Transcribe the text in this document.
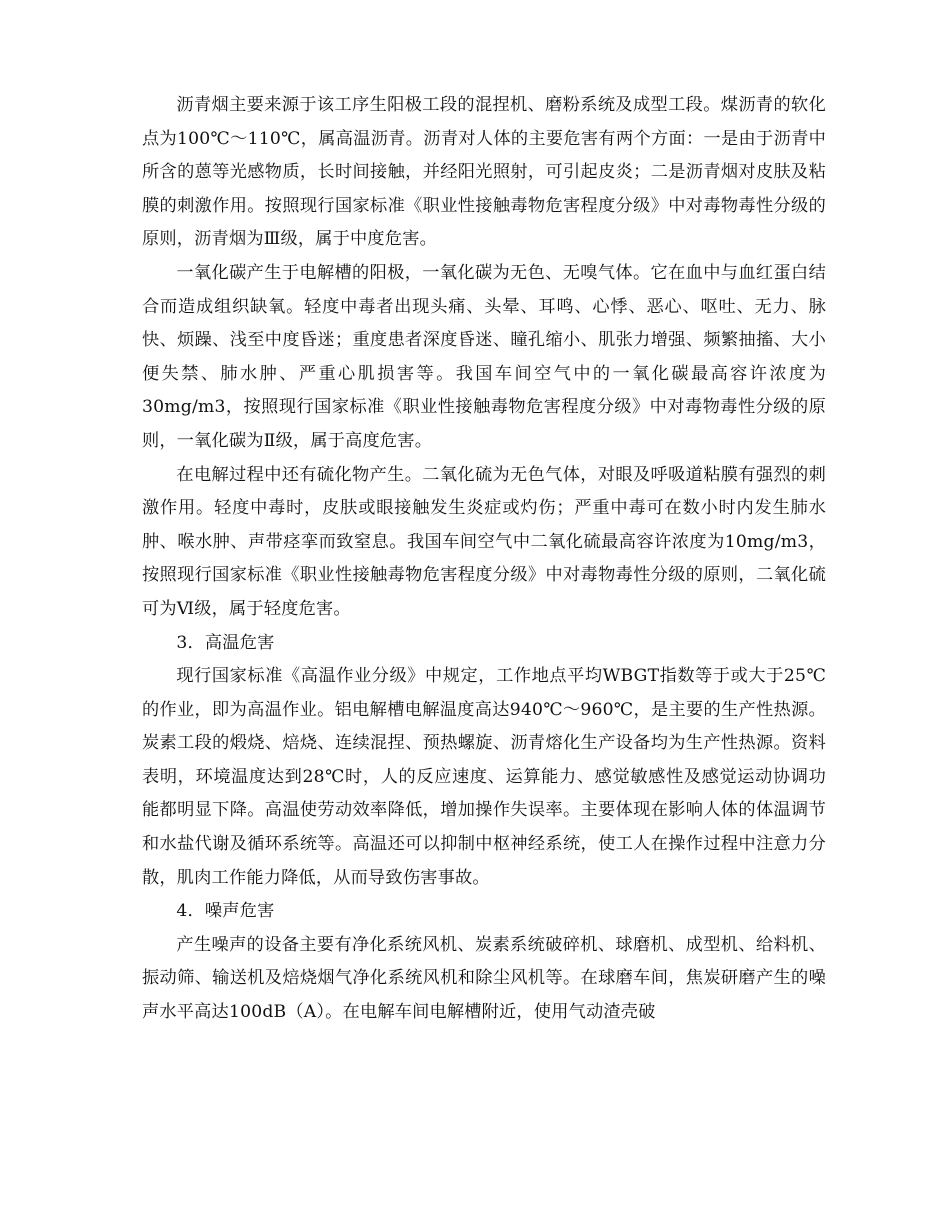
沥青烟主要来源于该工序生阳极工段的混捏机、磨粉系统及成型工段。煤沥青的软化点为100℃～110℃，属高温沥青。沥青对人体的主要危害有两个方面：一是由于沥青中所含的蒽等光感物质，长时间接触，并经阳光照射，可引起皮炎；二是沥青烟对皮肤及粘膜的刺激作用。按照现行国家标准《职业性接触毒物危害程度分级》中对毒物毒性分级的原则，沥青烟为Ⅲ级，属于中度危害。

一氧化碳产生于电解槽的阳极，一氧化碳为无色、无嗅气体。它在血中与血红蛋白结合而造成组织缺氧。轻度中毒者出现头痛、头晕、耳鸣、心悸、恶心、呕吐、无力、脉快、烦躁、浅至中度昏迷；重度患者深度昏迷、瞳孔缩小、肌张力增强、频繁抽搐、大小便失禁、肺水肿、严重心肌损害等。我国车间空气中的一氧化碳最高容许浓度为30mg/m3，按照现行国家标准《职业性接触毒物危害程度分级》中对毒物毒性分级的原则，一氧化碳为Ⅱ级，属于高度危害。

在电解过程中还有硫化物产生。二氧化硫为无色气体，对眼及呼吸道粘膜有强烈的刺激作用。轻度中毒时，皮肤或眼接触发生炎症或灼伤；严重中毒可在数小时内发生肺水肿、喉水肿、声带痉挛而致窒息。我国车间空气中二氧化硫最高容许浓度为10mg/m3，按照现行国家标准《职业性接触毒物危害程度分级》中对毒物毒性分级的原则，二氧化硫可为Ⅵ级，属于轻度危害。

3．高温危害

现行国家标准《高温作业分级》中规定，工作地点平均WBGT指数等于或大于25℃的作业，即为高温作业。铝电解槽电解温度高达940℃～960℃，是主要的生产性热源。炭素工段的煅烧、焙烧、连续混捏、预热螺旋、沥青熔化生产设备均为生产性热源。资料表明，环境温度达到28℃时，人的反应速度、运算能力、感觉敏感性及感觉运动协调功能都明显下降。高温使劳动效率降低，增加操作失误率。主要体现在影响人体的体温调节和水盐代谢及循环系统等。高温还可以抑制中枢神经系统，使工人在操作过程中注意力分散，肌肉工作能力降低，从而导致伤害事故。

4．噪声危害

产生噪声的设备主要有净化系统风机、炭素系统破碎机、球磨机、成型机、给料机、振动筛、输送机及焙烧烟气净化系统风机和除尘风机等。在球磨车间，焦炭研磨产生的噪声水平高达100dB（A）。在电解车间电解槽附近，使用气动渣壳破
